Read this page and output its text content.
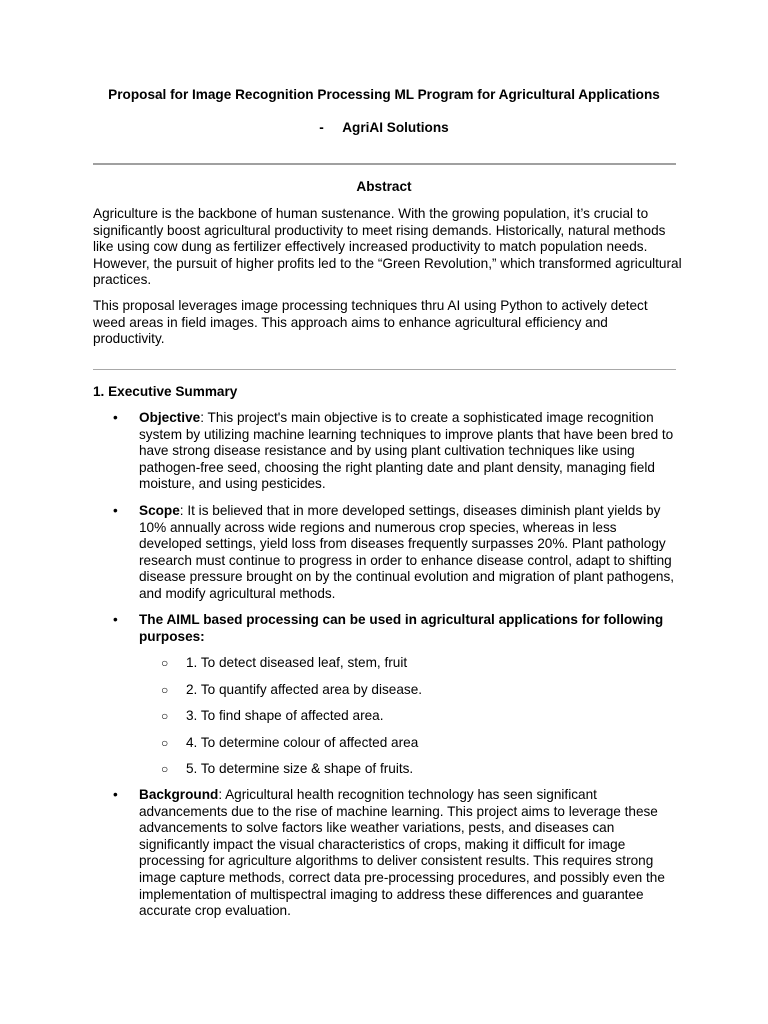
Proposal for Image Recognition Processing ML Program for Agricultural Applications
-     AgriAI Solutions
Abstract

Agriculture is the backbone of human sustenance. With the growing population, it’s crucial to significantly boost agricultural productivity to meet rising demands. Historically, natural methods like using cow dung as fertilizer effectively increased productivity to match population needs. However, the pursuit of higher profits led to the “Green Revolution,” which transformed agricultural practices.

This proposal leverages image processing techniques thru AI using Python to actively detect weed areas in field images. This approach aims to enhance agricultural efficiency and productivity.

1. Executive Summary
•
Objective: This project's main objective is to create a sophisticated image recognition system by utilizing machine learning techniques to improve plants that have been bred to have strong disease resistance and by using plant cultivation techniques like using pathogen-free seed, choosing the right planting date and plant density, managing field moisture, and using pesticides.
•
Scope: It is believed that in more developed settings, diseases diminish plant yields by 10% annually across wide regions and numerous crop species, whereas in less developed settings, yield loss from diseases frequently surpasses 20%. Plant pathology research must continue to progress in order to enhance disease control, adapt to shifting disease pressure brought on by the continual evolution and migration of plant pathogens, and modify agricultural methods.
•
The AIML based processing can be used in agricultural applications for following purposes:
○
1. To detect diseased leaf, stem, fruit
○
2. To quantify affected area by disease.
○
3. To find shape of affected area.
○
4. To determine colour of affected area
○
5. To determine size & shape of fruits.
•
Background: Agricultural health recognition technology has seen significant advancements due to the rise of machine learning. This project aims to leverage these advancements to solve factors like weather variations, pests, and diseases can significantly impact the visual characteristics of crops, making it difficult for image processing for agriculture algorithms to deliver consistent results. This requires strong image capture methods, correct data pre-processing procedures, and possibly even the implementation of multispectral imaging to address these differences and guarantee accurate crop evaluation.
